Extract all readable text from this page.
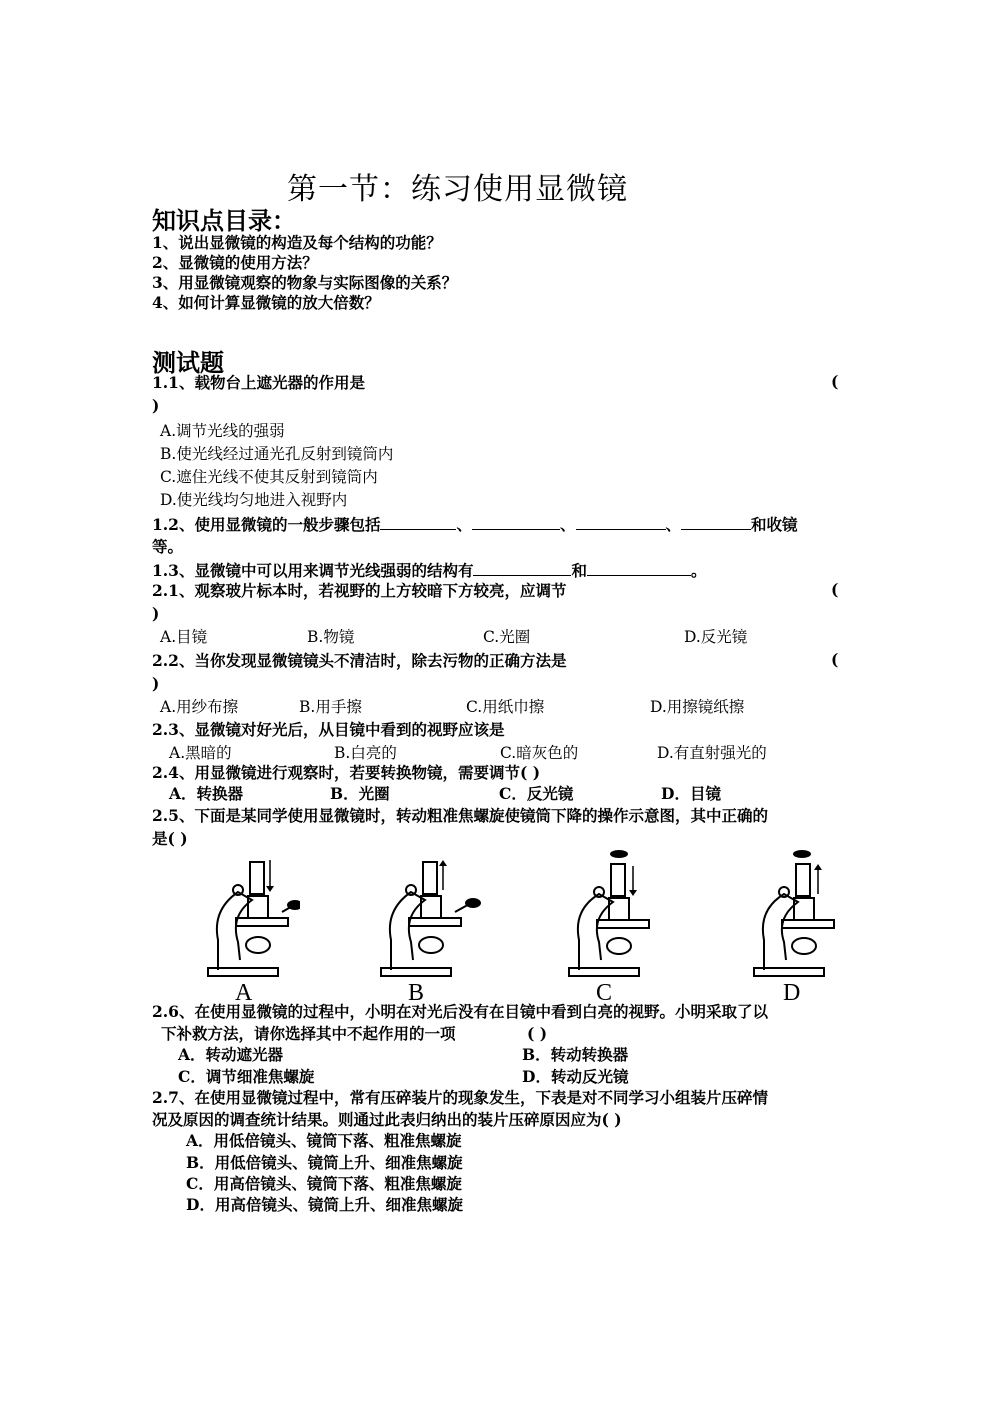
第一节：练习使用显微镜
知识点目录：
1、说出显微镜的构造及每个结构的功能？
2、显微镜的使用方法？
3、用显微镜观察的物象与实际图像的关系？
4、如何计算显微镜的放大倍数？
测试题
1.1、载物台上遮光器的作用是	(
)
A.调节光线的强弱
B.使光线经过通光孔反射到镜筒内
C.遮住光线不使其反射到镜筒内
D.使光线均匀地进入视野内
1.2、使用显微镜的一般步骤包括	、	、	、	和收镜
等。
1.3、显微镜中可以用来调节光线强弱的结构有	和	。
2.1、观察玻片标本时，若视野的上方较暗下方较亮，应调节	(
)
A.目镜	B.物镜	C.光圈	D.反光镜
2.2、当你发现显微镜镜头不清洁时，除去污物的正确方法是	(
)
A.用纱布擦	B.用手擦	C.用纸巾擦	D.用擦镜纸擦
2.3、显微镜对好光后，从目镜中看到的视野应该是
A.黑暗的	B.白亮的	C.暗灰色的	D.有直射强光的
2.4、用显微镜进行观察时，若要转换物镜，需要调节( )
A．转换器	B．光圈	C．反光镜	D．目镜
2.5、下面是某同学使用显微镜时，转动粗准焦螺旋使镜筒下降的操作示意图，其中正确的
是( )
A	B	C	D
2.6、在使用显微镜的过程中，小明在对光后没有在目镜中看到白亮的视野。小明采取了以
下补救方法，请你选择其中不起作用的一项	( )
A．转动遮光器	B．转动转换器
C．调节细准焦螺旋	D．转动反光镜
2.7、在使用显微镜过程中，常有压碎装片的现象发生，下表是对不同学习小组装片压碎情
况及原因的调查统计结果。则通过此表归纳出的装片压碎原因应为( )
A．用低倍镜头、镜筒下落、粗准焦螺旋
B．用低倍镜头、镜筒上升、细准焦螺旋
C．用高倍镜头、镜筒下落、粗准焦螺旋
D．用高倍镜头、镜筒上升、细准焦螺旋
